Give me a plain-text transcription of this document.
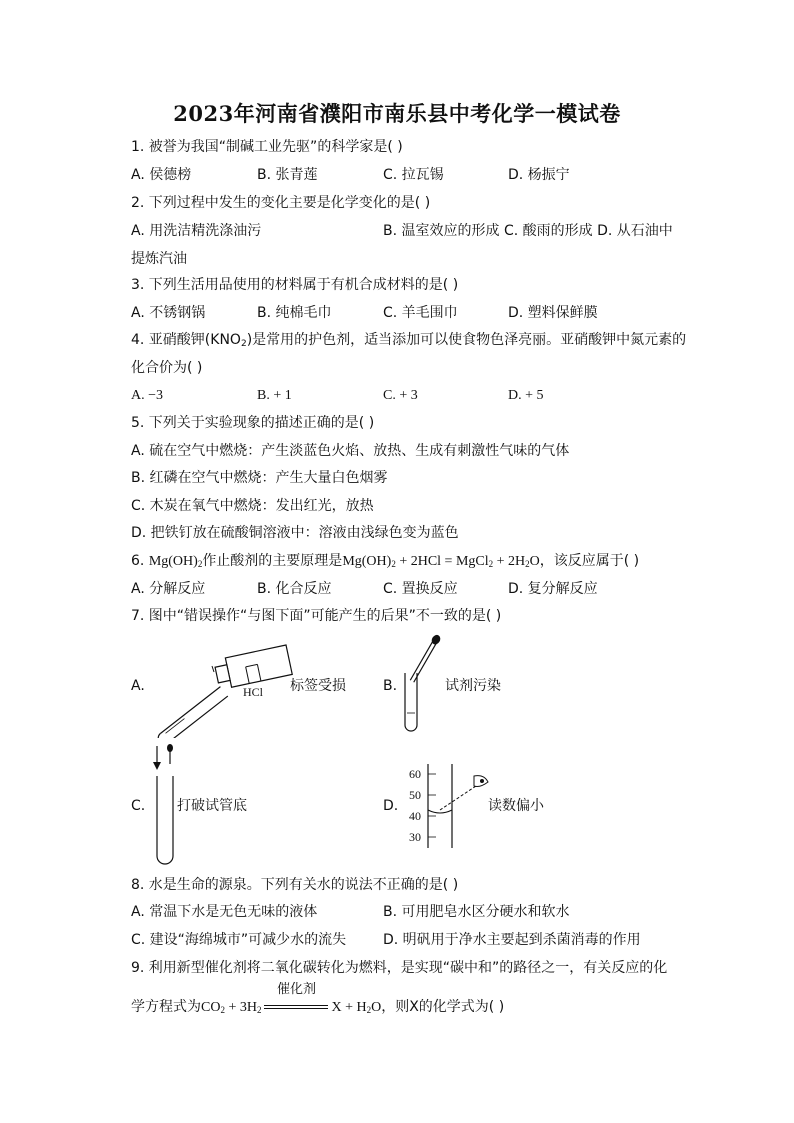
2023年河南省濮阳市南乐县中考化学一模试卷
1. 被誉为我国“制碱工业先驱”的科学家是( )
A. 侯德榜	B. 张青莲	C. 拉瓦锡	D. 杨振宁
2. 下列过程中发生的变化主要是化学变化的是( )
A. 用洗洁精洗涤油污	B. 温室效应的形成 C. 酸雨的形成 D. 从石油中
提炼汽油
3. 下列生活用品使用的材料属于有机合成材料的是( )
A. 不锈钢锅	B. 纯棉毛巾	C. 羊毛围巾	D. 塑料保鲜膜
4. 亚硝酸钾$(KNO_2)$是常用的护色剂，适当添加可以使食物色泽亮丽。亚硝酸钾中氮元素的
化合价为( )
A. −3	B. + 1	C. + 3	D. + 5
5. 下列关于实验现象的描述正确的是( )
A. 硫在空气中燃烧：产生淡蓝色火焰、放热、生成有刺激性气味的气体
B. 红磷在空气中燃烧：产生大量白色烟雾
C. 木炭在氧气中燃烧：发出红光，放热
D. 把铁钉放在硫酸铜溶液中：溶液由浅绿色变为蓝色
6. $Mg(OH)_2$作止酸剂的主要原理是$Mg(OH)_2 + 2HCl$ = MgCl$_2$ + $2H_2O$，该反应属于( )
A. 分解反应	B. 化合反应	C. 置换反应	D. 复分解反应
7. 图中“错误操作“与图下面”可能产生的后果”不一致的是( )
A.	HCl 标签受损	B.	试剂污染
C. 打破试管底	D.
60
50
40
30
读数偏小
8. 水是生命的源泉。下列有关水的说法不正确的是( )
A. 常温下水是无色无味的液体	B. 可用肥皂水区分硬水和软水
C. 建设“海绵城市”可减少水的流失	D. 明矾用于净水主要起到杀菌消毒的作用
9. 利用新型催化剂将二氧化碳转化为燃料，是实现“碳中和”的路径之一，有关反应的化
学方程式为$CO_2 + 3H_2$
催化剂
$X + H_2O$，则X的化学式为( )
